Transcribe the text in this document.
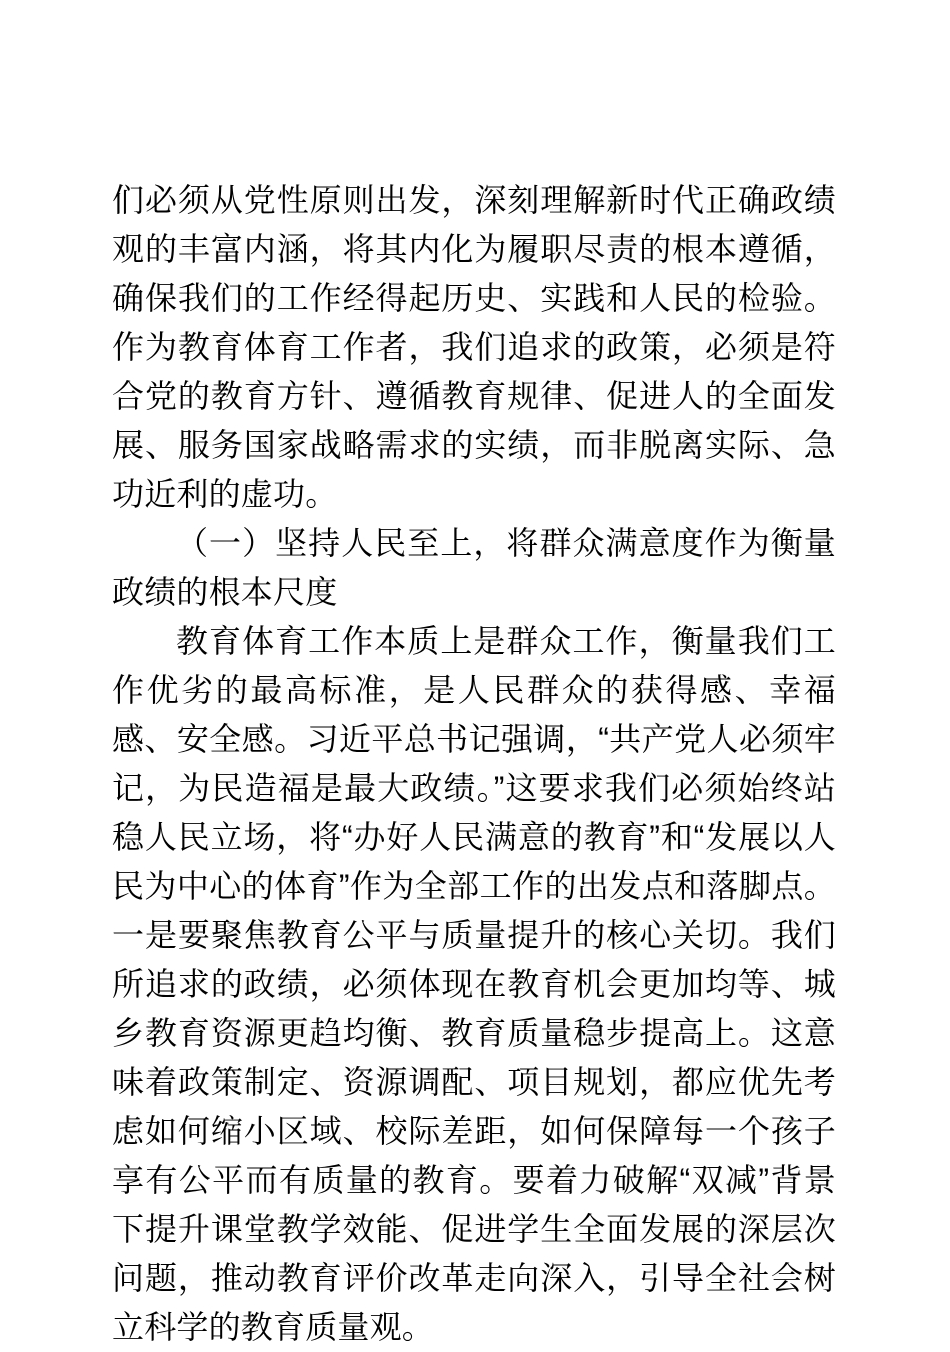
们必须从党性原则出发，深刻理解新时代正确政绩观的丰富内涵，将其内化为履职尽责的根本遵循，确保我们的工作经得起历史、实践和人民的检验。作为教育体育工作者，我们追求的政策，必须是符合党的教育方针、遵循教育规律、促进人的全面发展、服务国家战略需求的实绩，而非脱离实际、急功近利的虚功。

（一）坚持人民至上，将群众满意度作为衡量政绩的根本尺度

教育体育工作本质上是群众工作，衡量我们工作优劣的最高标准，是人民群众的获得感、幸福感、安全感。习近平总书记强调，“共产党人必须牢记，为民造福是最大政绩。”这要求我们必须始终站稳人民立场，将“办好人民满意的教育”和“发展以人民为中心的体育”作为全部工作的出发点和落脚点。一是要聚焦教育公平与质量提升的核心关切。我们所追求的政绩，必须体现在教育机会更加均等、城乡教育资源更趋均衡、教育质量稳步提高上。这意味着政策制定、资源调配、项目规划，都应优先考虑如何缩小区域、校际差距，如何保障每一个孩子享有公平而有质量的教育。要着力破解“双减”背景下提升课堂教学效能、促进学生全面发展的深层次问题，推动教育评价改革走向深入，引导全社会树立科学的教育质量观。
